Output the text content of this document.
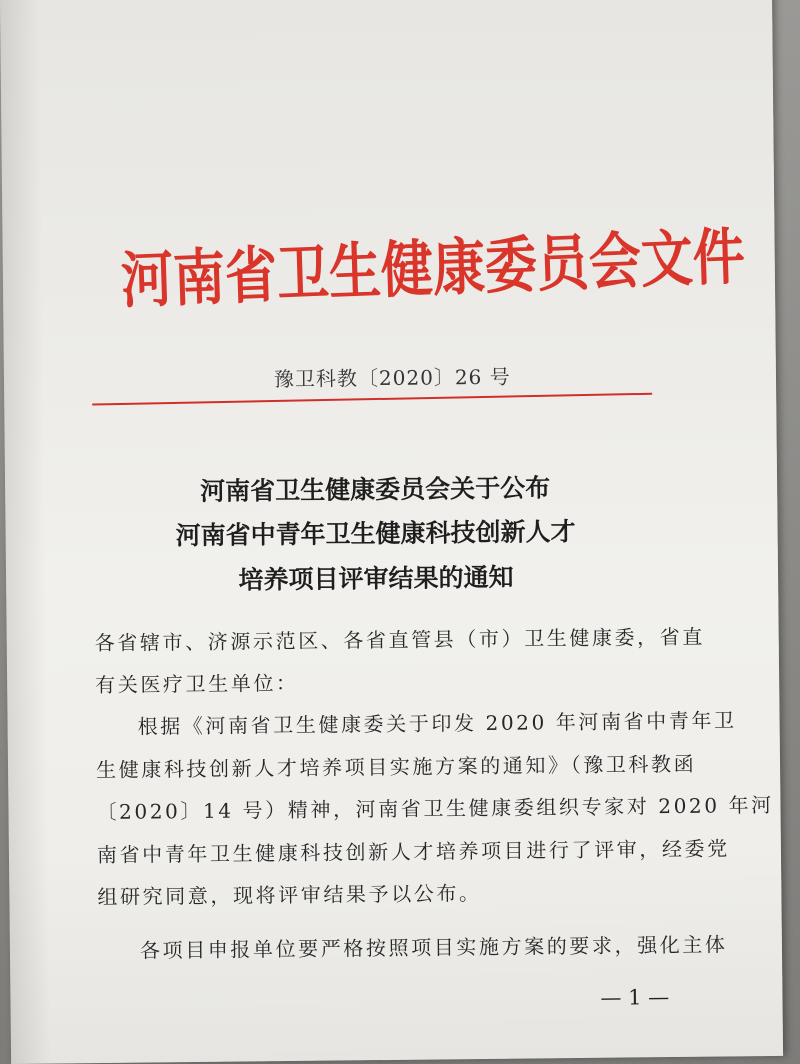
河南省卫生健康委员会文件
豫卫科教〔2020〕26 号
河南省卫生健康委员会关于公布
河南省中青年卫生健康科技创新人才
培养项目评审结果的通知
各省辖市、济源示范区、各省直管县（市）卫生健康委，省直
有关医疗卫生单位：
根据《河南省卫生健康委关于印发 2020 年河南省中青年卫
生健康科技创新人才培养项目实施方案的通知》（豫卫科教函
〔2020〕14 号）精神，河南省卫生健康委组织专家对 2020 年河
南省中青年卫生健康科技创新人才培养项目进行了评审，经委党
组研究同意，现将评审结果予以公布。
各项目申报单位要严格按照项目实施方案的要求，强化主体
— 1 —
